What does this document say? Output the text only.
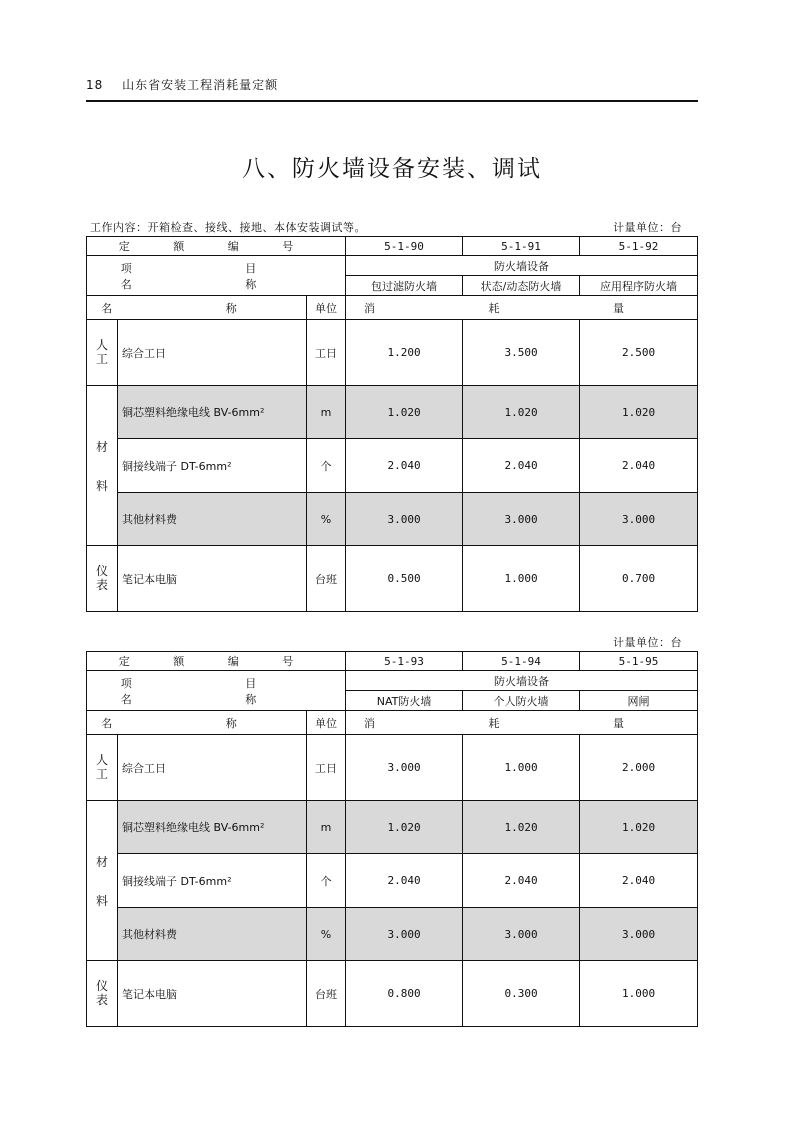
18 山东省安装工程消耗量定额
八、防火墙设备安装、调试
工作内容：开箱检查、接线、接地、本体安装调试等。	计量单位：台
定 额 编 号			5-1-90	5-1-91	5-1-92
项 目 名 称			防火墙设备		
			包过滤防火墙	状态/动态防火墙	应用程序防火墙
名 称		单位	消 耗 量		
人
工	综合工日	工日	1.200	3.500	2.500

材
料	铜芯塑料绝缘电线 BV-6mm²	m	1.020	1.020	1.020
	铜接线端子 DT-6mm²	个	2.040	2.040	2.040
	其他材料费	%	3.000	3.000	3.000
仪
表	笔记本电脑	台班	0.500	1.000	0.700
计量单位：台
定 额 编 号			5-1-93	5-1-94	5-1-95
项 目 名 称			防火墙设备		
			NAT防火墙	个人防火墙	网闸
名 称		单位	消 耗 量		
人
工	综合工日	工日	3.000	1.000	2.000

材
料	铜芯塑料绝缘电线 BV-6mm²	m	1.020	1.020	1.020
	铜接线端子 DT-6mm²	个	2.040	2.040	2.040
	其他材料费	%	3.000	3.000	3.000
仪
表	笔记本电脑	台班	0.800	0.300	1.000
